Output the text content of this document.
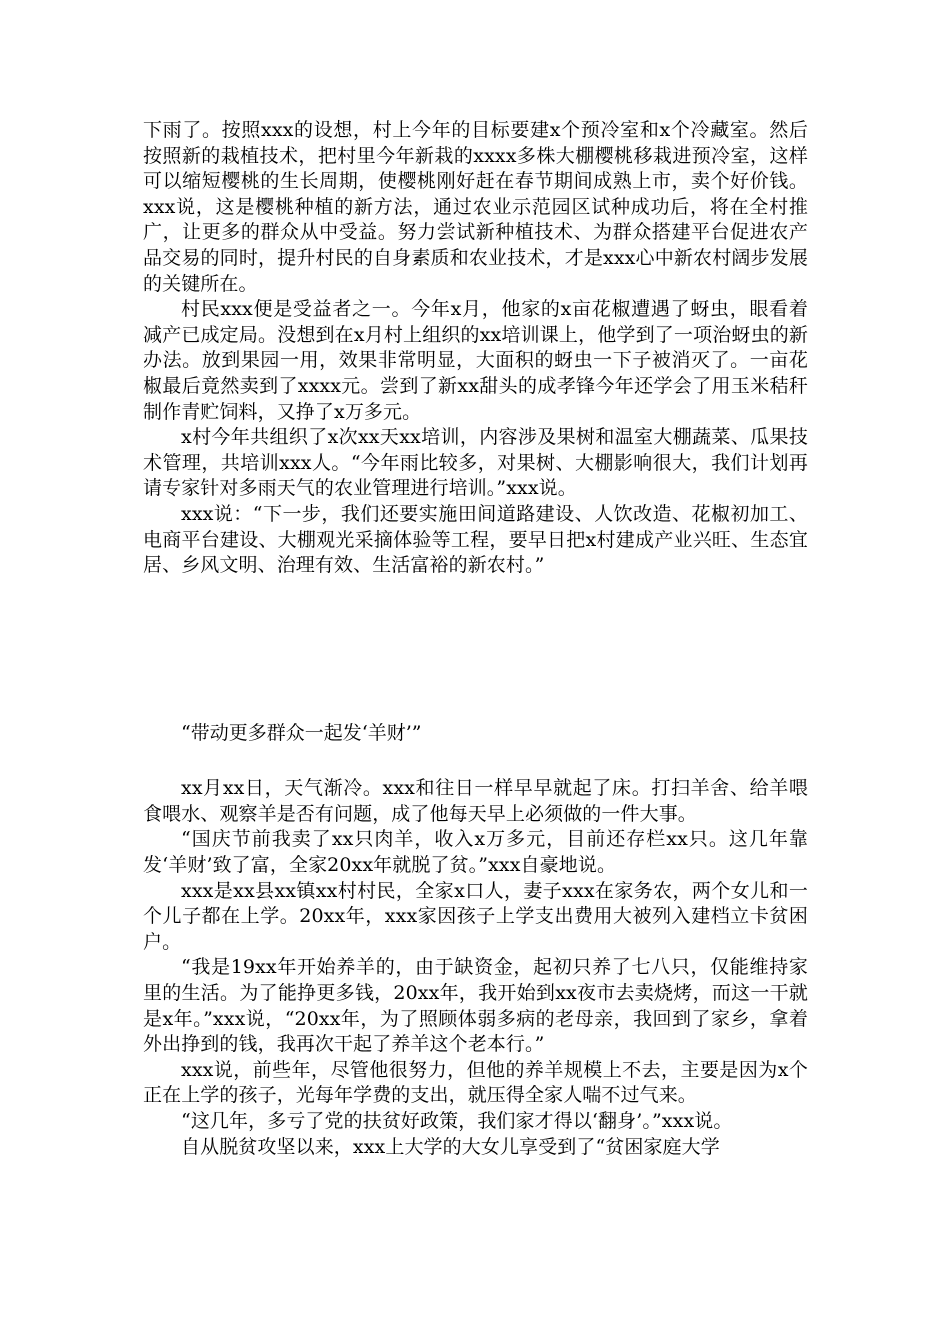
下雨了。按照xxx的设想，村上今年的目标要建x个预冷室和x个冷藏室。然后按照新的栽植技术，把村里今年新栽的xxxx多株大棚樱桃移栽进预冷室，这样可以缩短樱桃的生长周期，使樱桃刚好赶在春节期间成熟上市，卖个好价钱。xxx说，这是樱桃种植的新方法，通过农业示范园区试种成功后，将在全村推广，让更多的群众从中受益。努力尝试新种植技术、为群众搭建平台促进农产品交易的同时，提升村民的自身素质和农业技术，才是xxx心中新农村阔步发展的关键所在。

村民xxx便是受益者之一。今年x月，他家的x亩花椒遭遇了蚜虫，眼看着减产已成定局。没想到在x月村上组织的xx培训课上，他学到了一项治蚜虫的新办法。放到果园一用，效果非常明显，大面积的蚜虫一下子被消灭了。一亩花椒最后竟然卖到了xxxx元。尝到了新xx甜头的成孝锋今年还学会了用玉米秸秆制作青贮饲料，又挣了x万多元。

x村今年共组织了x次xx天xx培训，内容涉及果树和温室大棚蔬菜、瓜果技术管理，共培训xxx人。“今年雨比较多，对果树、大棚影响很大，我们计划再请专家针对多雨天气的农业管理进行培训。”xxx说。

xxx说：“下一步，我们还要实施田间道路建设、人饮改造、花椒初加工、电商平台建设、大棚观光采摘体验等工程，要早日把x村建成产业兴旺、生态宜居、乡风文明、治理有效、生活富裕的新农村。”

“带动更多群众一起发‘羊财’”

xx月xx日，天气渐冷。xxx和往日一样早早就起了床。打扫羊舍、给羊喂食喂水、观察羊是否有问题，成了他每天早上必须做的一件大事。

“国庆节前我卖了xx只肉羊，收入x万多元，目前还存栏xx只。这几年靠发‘羊财’致了富，全家20xx年就脱了贫。”xxx自豪地说。

xxx是xx县xx镇xx村村民，全家x口人，妻子xxx在家务农，两个女儿和一个儿子都在上学。20xx年，xxx家因孩子上学支出费用大被列入建档立卡贫困户。

“我是19xx年开始养羊的，由于缺资金，起初只养了七八只，仅能维持家里的生活。为了能挣更多钱，20xx年，我开始到xx夜市去卖烧烤，而这一干就是x年。”xxx说，“20xx年，为了照顾体弱多病的老母亲，我回到了家乡，拿着外出挣到的钱，我再次干起了养羊这个老本行。”

xxx说，前些年，尽管他很努力，但他的养羊规模上不去，主要是因为x个正在上学的孩子，光每年学费的支出，就压得全家人喘不过气来。

“这几年，多亏了党的扶贫好政策，我们家才得以‘翻身’。”xxx说。

自从脱贫攻坚以来，xxx上大学的大女儿享受到了“贫困家庭大学
